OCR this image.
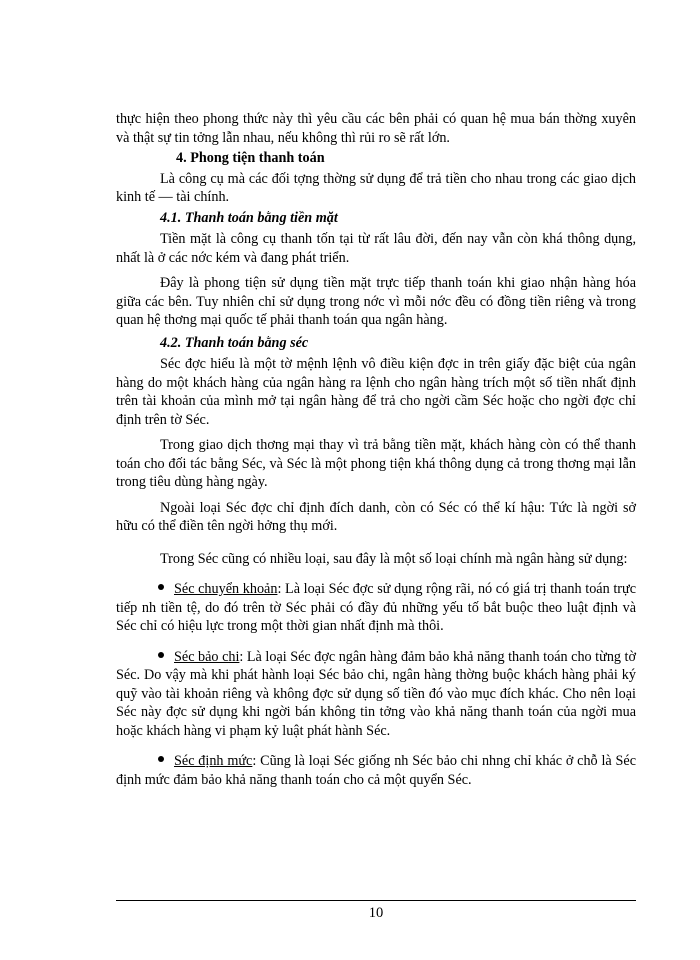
thực hiện theo phong thức này thì yêu cầu các bên phải có quan hệ mua bán thờng xuyên và thật sự tin tởng lẫn nhau, nếu không thì rủi ro sẽ rất lớn.

4. Phong tiện thanh toán

Là công cụ mà các đối tợng thờng sử dụng để trả tiền cho nhau trong các giao dịch kinh tế — tài chính.

4.1. Thanh toán bằng tiền mặt

Tiền mặt là công cụ thanh tốn tại từ rất lâu đời, đến nay vẫn còn khá thông dụng, nhất là ở các nớc kém và đang phát triển.

Đây là phong tiện sử dụng tiền mặt trực tiếp thanh toán khi giao nhận hàng hóa giữa các bên. Tuy nhiên chỉ sử dụng trong nớc vì mỗi nớc đều có đồng tiền riêng và trong quan hệ thơng mại quốc tế phải thanh toán qua ngân hàng.

4.2. Thanh toán bằng séc

Séc đợc hiểu là một tờ mệnh lệnh vô điều kiện đợc in trên giấy đặc biệt của ngân hàng do một khách hàng của ngân hàng ra lệnh cho ngân hàng trích một số tiền nhất định trên tài khoản của mình mở tại ngân hàng để trả cho ngời cầm Séc hoặc cho ngời đợc chỉ định trên tờ Séc.

Trong giao dịch thơng mại thay vì trả bằng tiền mặt, khách hàng còn có thể thanh toán cho đối tác bằng Séc, và Séc là một phong tiện khá thông dụng cả trong thơng mại lẫn trong tiêu dùng hàng ngày.

Ngoài loại Séc đợc chỉ định đích danh, còn có Séc có thể kí hậu: Tức là ngời sở hữu có thể điền tên ngời hởng thụ mới.

Trong Séc cũng có nhiều loại, sau đây là một số loại chính mà ngân hàng sử dụng:

Séc chuyển khoản: Là loại Séc đợc sử dụng rộng rãi, nó có giá trị thanh toán trực tiếp nh tiền tệ, do đó trên tờ Séc phải có đầy đủ những yếu tố bắt buộc theo luật định và Séc chỉ có hiệu lực trong một thời gian nhất định mà thôi.

Séc bảo chi: Là loại Séc đợc ngân hàng đảm bảo khả năng thanh toán cho từng tờ Séc. Do vậy mà khi phát hành loại Séc bảo chi, ngân hàng thờng buộc khách hàng phải ký quỹ vào tài khoản riêng và không đợc sử dụng số tiền đó vào mục đích khác. Cho nên loại Séc này đợc sử dụng khi ngời bán không tin tởng vào khả năng thanh toán của ngời mua hoặc khách hàng vi phạm kỷ luật phát hành Séc.

Séc định mức: Cũng là loại Séc giống nh Séc bảo chi nhng chỉ khác ở chỗ là Séc định mức đảm bảo khả năng thanh toán cho cả một quyển Séc.

10
